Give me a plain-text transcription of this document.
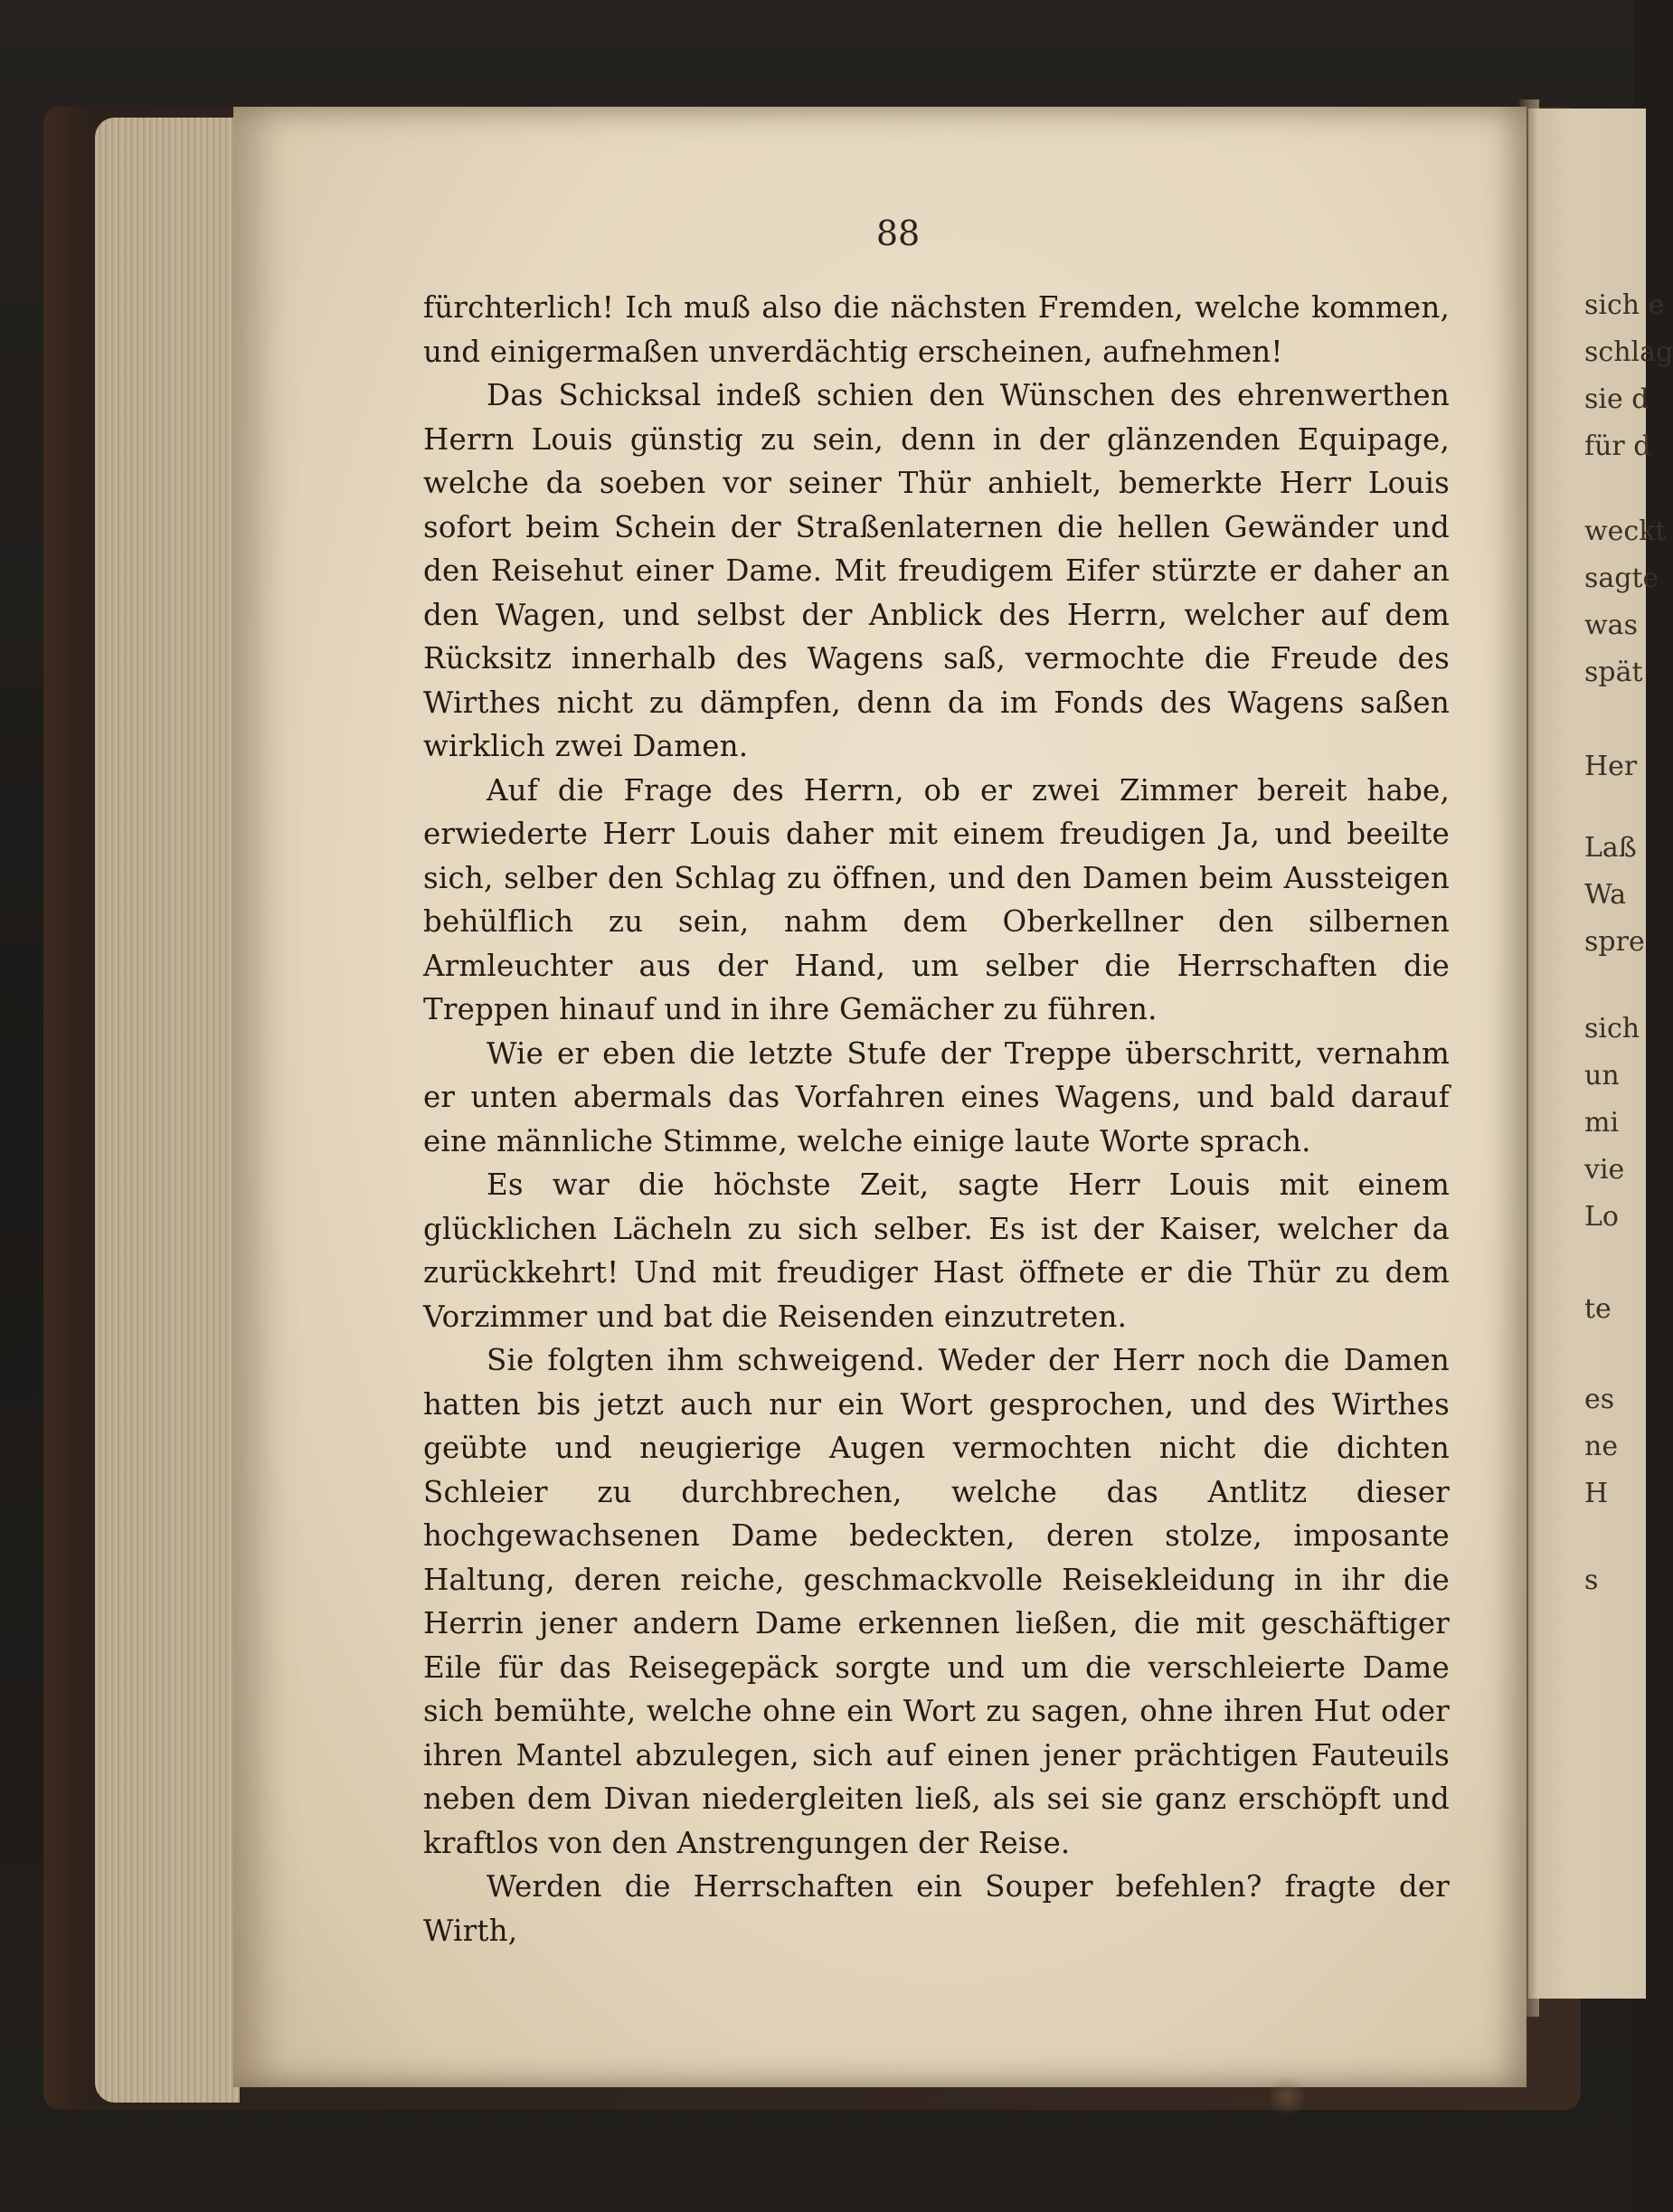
sich e
schlag
sie d
für d
weckt
sagte
was
spät
Her
Laß
Wa
spre
sich
un
mi
vie
Lo
te
es
ne
H
s
88

fürchterlich! Ich muß also die nächsten Fremden, welche kommen, und einigermaßen unverdächtig erscheinen, aufnehmen!

Das Schicksal indeß schien den Wünschen des ehrenwerthen Herrn Louis günstig zu sein, denn in der glänzenden Equipage, welche da soeben vor seiner Thür anhielt, bemerkte Herr Louis sofort beim Schein der Straßenlaternen die hellen Gewänder und den Reisehut einer Dame. Mit freudigem Eifer stürzte er daher an den Wagen, und selbst der Anblick des Herrn, welcher auf dem Rücksitz innerhalb des Wagens saß, vermochte die Freude des Wirthes nicht zu dämpfen, denn da im Fonds des Wagens saßen wirklich zwei Damen.

Auf die Frage des Herrn, ob er zwei Zimmer bereit habe, erwiederte Herr Louis daher mit einem freudigen Ja, und beeilte sich, selber den Schlag zu öffnen, und den Damen beim Aussteigen behülflich zu sein, nahm dem Oberkellner den silbernen Armleuchter aus der Hand, um selber die Herrschaften die Treppen hinauf und in ihre Gemächer zu führen.

Wie er eben die letzte Stufe der Treppe überschritt, vernahm er unten abermals das Vorfahren eines Wagens, und bald darauf eine männliche Stimme, welche einige laute Worte sprach.

Es war die höchste Zeit, sagte Herr Louis mit einem glücklichen Lächeln zu sich selber. Es ist der Kaiser, welcher da zurückkehrt! Und mit freudiger Hast öffnete er die Thür zu dem Vorzimmer und bat die Reisenden einzutreten.

Sie folgten ihm schweigend. Weder der Herr noch die Damen hatten bis jetzt auch nur ein Wort gesprochen, und des Wirthes geübte und neugierige Augen vermochten nicht die dichten Schleier zu durchbrechen, welche das Antlitz dieser hochgewachsenen Dame bedeckten, deren stolze, imposante Haltung, deren reiche, geschmackvolle Reisekleidung in ihr die Herrin jener andern Dame erkennen ließen, die mit geschäftiger Eile für das Reisegepäck sorgte und um die verschleierte Dame sich bemühte, welche ohne ein Wort zu sagen, ohne ihren Hut oder ihren Mantel abzulegen, sich auf einen jener prächtigen Fauteuils neben dem Divan niedergleiten ließ, als sei sie ganz erschöpft und kraftlos von den Anstrengungen der Reise.

Werden die Herrschaften ein Souper befehlen? fragte der Wirth,
